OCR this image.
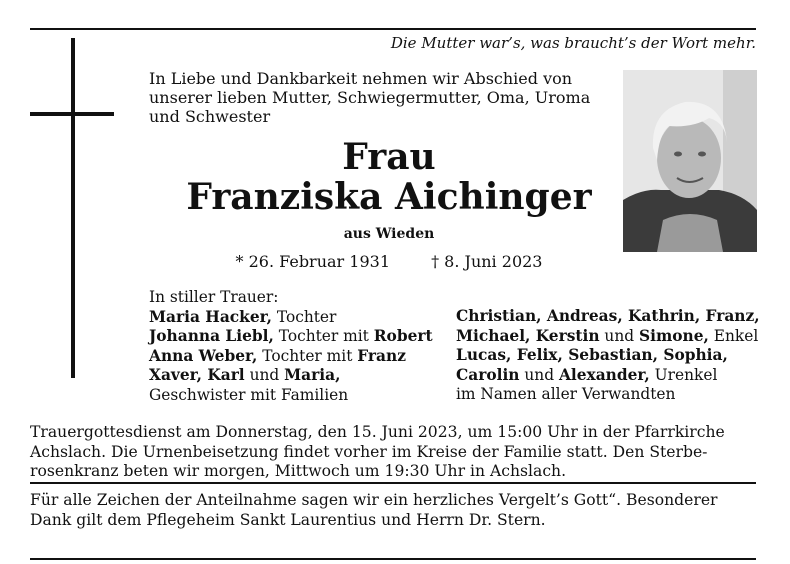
Die Mutter war’s, was braucht’s der Wort mehr.
In Liebe und Dankbarkeit nehmen wir Abschied von
unserer lieben Mutter, Schwiegermutter, Oma, Uroma
und Schwester
Frau
Franziska Aichinger
aus Wieden
* 26. Februar 1931	† 8. Juni 2023
In stiller Trauer:
Maria Hacker, Tochter
Johanna Liebl, Tochter mit Robert
Anna Weber, Tochter mit Franz
Xaver, Karl und Maria,
Geschwister mit Familien
Christian, Andreas, Kathrin, Franz,
Michael, Kerstin und Simone, Enkel
Lucas, Felix, Sebastian, Sophia,
Carolin und Alexander, Urenkel
im Namen aller Verwandten
Trauergottesdienst am Donnerstag, den 15. Juni 2023, um 15:00 Uhr in der Pfarrkirche
Achslach. Die Urnenbeisetzung findet vorher im Kreise der Familie statt. Den Sterbe-
rosenkranz beten wir morgen, Mittwoch um 19:30 Uhr in Achslach.
Für alle Zeichen der Anteilnahme sagen wir ein herzliches Vergelt’s Gott“. Besonderer
Dank gilt dem Pflegeheim Sankt Laurentius und Herrn Dr. Stern.
